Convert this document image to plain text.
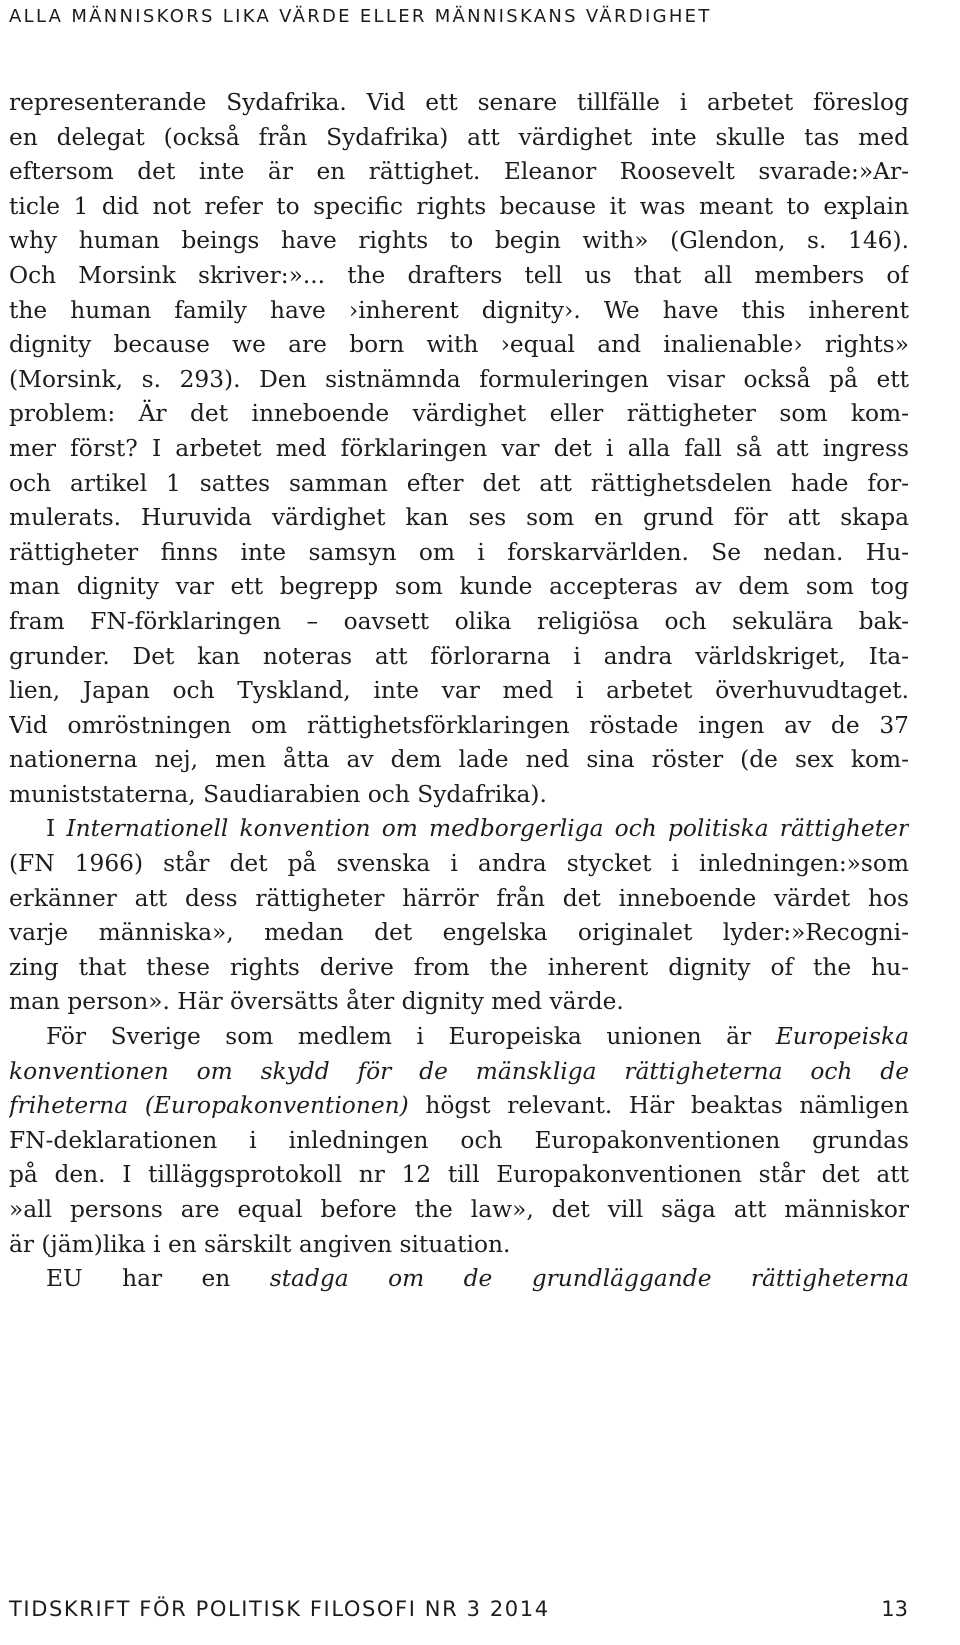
ALLA MÄNNISKORS LIKA VÄRDE ELLER MÄNNISKANS VÄRDIGHET
representerande Sydafrika. Vid ett senare tillfälle i arbetet föreslog
en delegat (också från Sydafrika) att värdighet inte skulle tas med
eftersom det inte är en rättighet. Eleanor Roosevelt svarade:»Ar-
ticle 1 did not refer to specific rights because it was meant to explain
why human beings have rights to begin with» (Glendon, s. 146).
Och Morsink skriver:»... the drafters tell us that all members of
the human family have ›inherent dignity›. We have this inherent
dignity because we are born with ›equal and inalienable› rights»
(Morsink, s. 293). Den sistnämnda formuleringen visar också på ett
problem: Är det inneboende värdighet eller rättigheter som kom-
mer först? I arbetet med förklaringen var det i alla fall så att ingress
och artikel 1 sattes samman efter det att rättighetsdelen hade for-
mulerats. Huruvida värdighet kan ses som en grund för att skapa
rättigheter finns inte samsyn om i forskarvärlden. Se nedan. Hu-
man dignity var ett begrepp som kunde accepteras av dem som tog
fram FN-förklaringen – oavsett olika religiösa och sekulära bak-
grunder. Det kan noteras att förlorarna i andra världskriget, Ita-
lien, Japan och Tyskland, inte var med i arbetet överhuvudtaget.
Vid omröstningen om rättighetsförklaringen röstade ingen av de 37
nationerna nej, men åtta av dem lade ned sina röster (de sex kom-
muniststaterna, Saudiarabien och Sydafrika).
I Internationell konvention om medborgerliga och politiska rättigheter
(FN 1966) står det på svenska i andra stycket i inledningen:»som
erkänner att dess rättigheter härrör från det inneboende värdet hos
varje människa», medan det engelska originalet lyder:»Recogni-
zing that these rights derive from the inherent dignity of the hu-
man person». Här översätts åter dignity med värde.
För Sverige som medlem i Europeiska unionen är Europeiska
konventionen om skydd för de mänskliga rättigheterna och de
friheterna (Europakonventionen) högst relevant. Här beaktas nämligen
FN-deklarationen i inledningen och Europakonventionen grundas
på den. I tilläggsprotokoll nr 12 till Europakonventionen står det att
»all persons are equal before the law», det vill säga att människor
är (jäm)lika i en särskilt angiven situation.
EU har en stadga om de grundläggande rättigheterna
TIDSKRIFT FÖR POLITISK FILOSOFI NR 3 2014	13
